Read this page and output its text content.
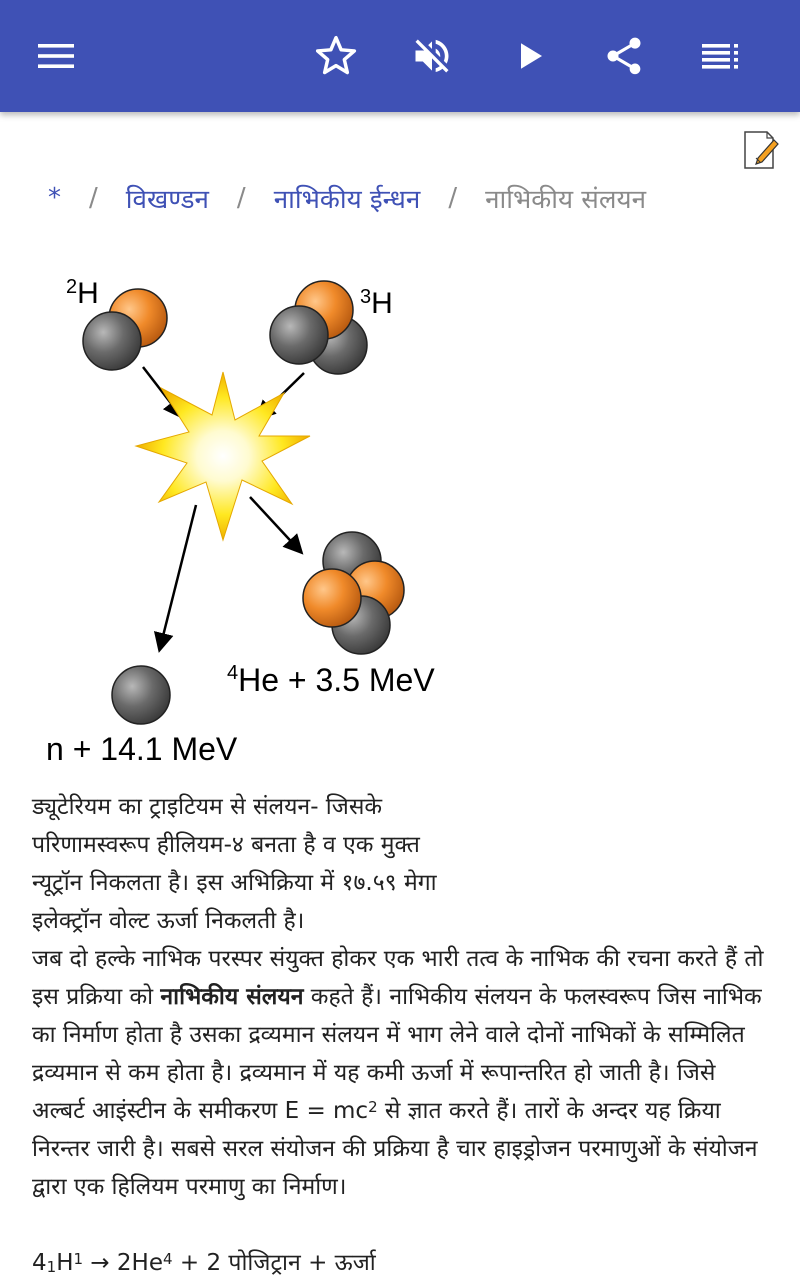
* / विखण्डन / नाभिकीय ईन्धन / नाभिकीय संलयन
$^2$H	$^3$H
$^4$He + 3.5 MeV
n + 14.1 MeV
ड्यूटेरियम का ट्राइटियम से संलयन- जिसके परिणामस्वरूप हीलियम-४ बनता है व एक मुक्त न्यूट्रॉन निकलता है। इस अभिक्रिया में १७.५९ मेगा इलेक्ट्रॉन वोल्ट ऊर्जा निकलती है।
जब दो हल्के नाभिक परस्पर संयुक्त होकर एक भारी तत्व के नाभिक की रचना करते हैं तो इस प्रक्रिया को नाभिकीय संलयन कहते हैं। नाभिकीय संलयन के फलस्वरूप जिस नाभिक का निर्माण होता है उसका द्रव्यमान संलयन में भाग लेने वाले दोनों नाभिकों के सम्मिलित द्रव्यमान से कम होता है। द्रव्यमान में यह कमी ऊर्जा में रूपान्तरित हो जाती है। जिसे अल्बर्ट आइंस्टीन के समीकरण $E = mc^2$ से ज्ञात करते हैं। तारों के अन्दर यह क्रिया निरन्तर जारी है। सबसे सरल संयोजन की प्रक्रिया है चार हाइड्रोजन परमाणुओं के संयोजन द्वारा एक हिलियम परमाणु का निर्माण।
$4_1H^1 \to 2He^4 + 2$ पोजिट्रान + ऊर्जा
